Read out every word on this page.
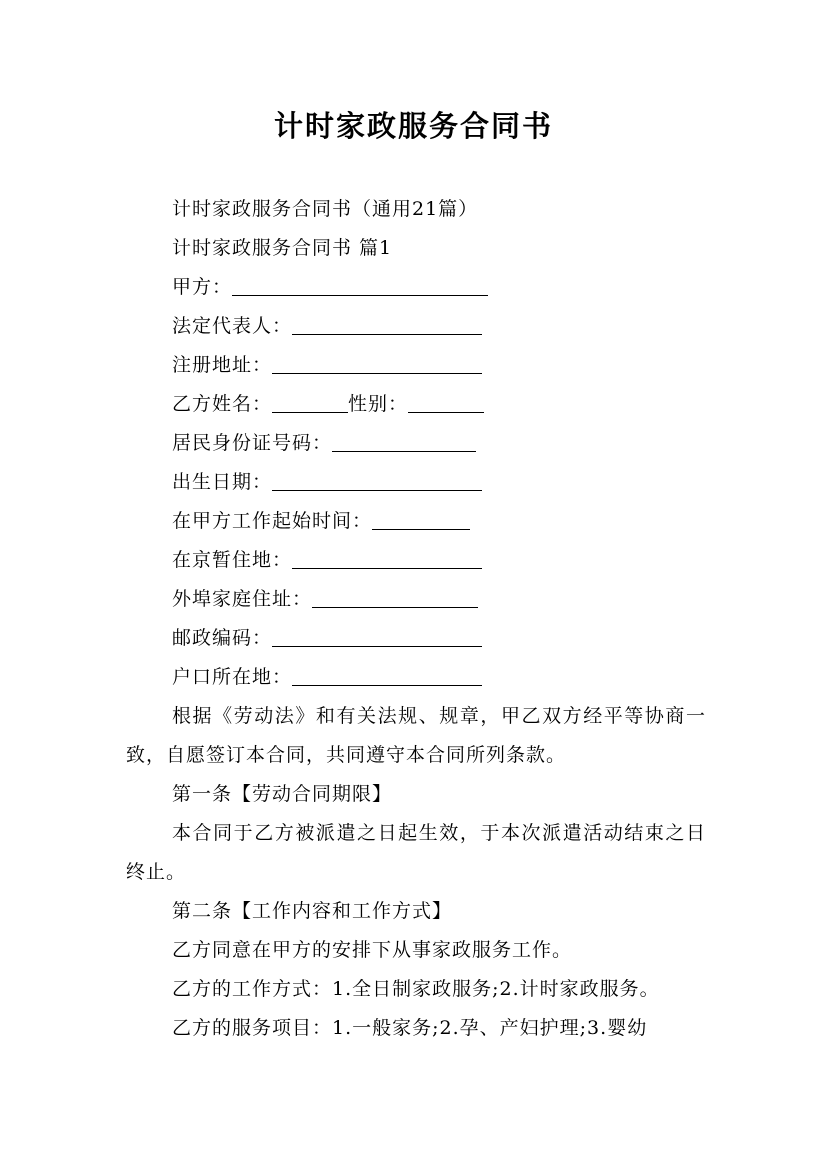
计时家政服务合同书
计时家政服务合同书（通用21篇）
计时家政服务合同书 篇1
甲方：
法定代表人：
注册地址：
乙方姓名：	性别：
居民身份证号码：
出生日期：
在甲方工作起始时间：
在京暂住地：
外埠家庭住址：
邮政编码：
户口所在地：
根据《劳动法》和有关法规、规章，甲乙双方经平等协商一致，自愿签订本合同，共同遵守本合同所列条款。
第一条【劳动合同期限】
本合同于乙方被派遣之日起生效，于本次派遣活动结束之日终止。
第二条【工作内容和工作方式】
乙方同意在甲方的安排下从事家政服务工作。
乙方的工作方式：1.全日制家政服务;2.计时家政服务。
乙方的服务项目：1.一般家务;2.孕、产妇护理;3.婴幼
